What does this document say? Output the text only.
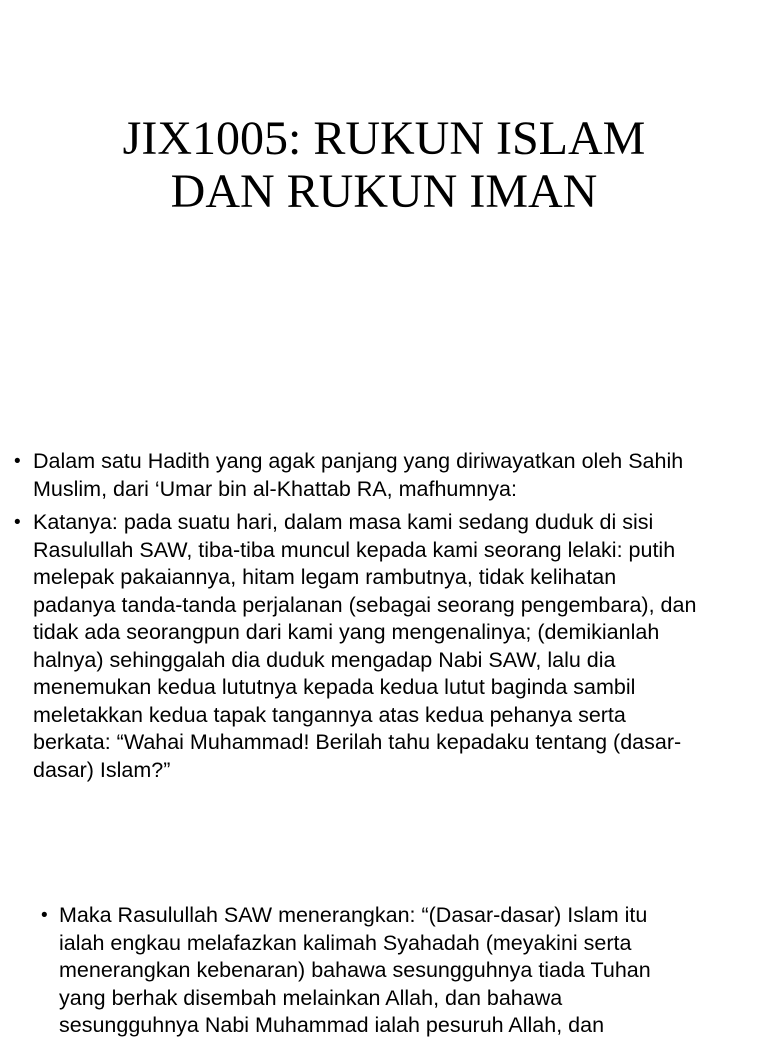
JIX1005: RUKUN ISLAM
DAN RUKUN IMAN
• Dalam satu Hadith yang agak panjang yang diriwayatkan oleh Sahih
Muslim, dari ‘Umar bin al-Khattab RA, mafhumnya:
• Katanya: pada suatu hari, dalam masa kami sedang duduk di sisi
Rasulullah SAW, tiba-tiba muncul kepada kami seorang lelaki: putih
melepak pakaiannya, hitam legam rambutnya, tidak kelihatan
padanya tanda-tanda perjalanan (sebagai seorang pengembara), dan
tidak ada seorangpun dari kami yang mengenalinya; (demikianlah
halnya) sehinggalah dia duduk mengadap Nabi SAW, lalu dia
menemukan kedua lututnya kepada kedua lutut baginda sambil
meletakkan kedua tapak tangannya atas kedua pehanya serta
berkata: “Wahai Muhammad! Berilah tahu kepadaku tentang (dasar-
dasar) Islam?”
• Maka Rasulullah SAW menerangkan: “(Dasar-dasar) Islam itu
ialah engkau melafazkan kalimah Syahadah (meyakini serta
menerangkan kebenaran) bahawa sesungguhnya tiada Tuhan
yang berhak disembah melainkan Allah, dan bahawa
sesungguhnya Nabi Muhammad ialah pesuruh Allah, dan
